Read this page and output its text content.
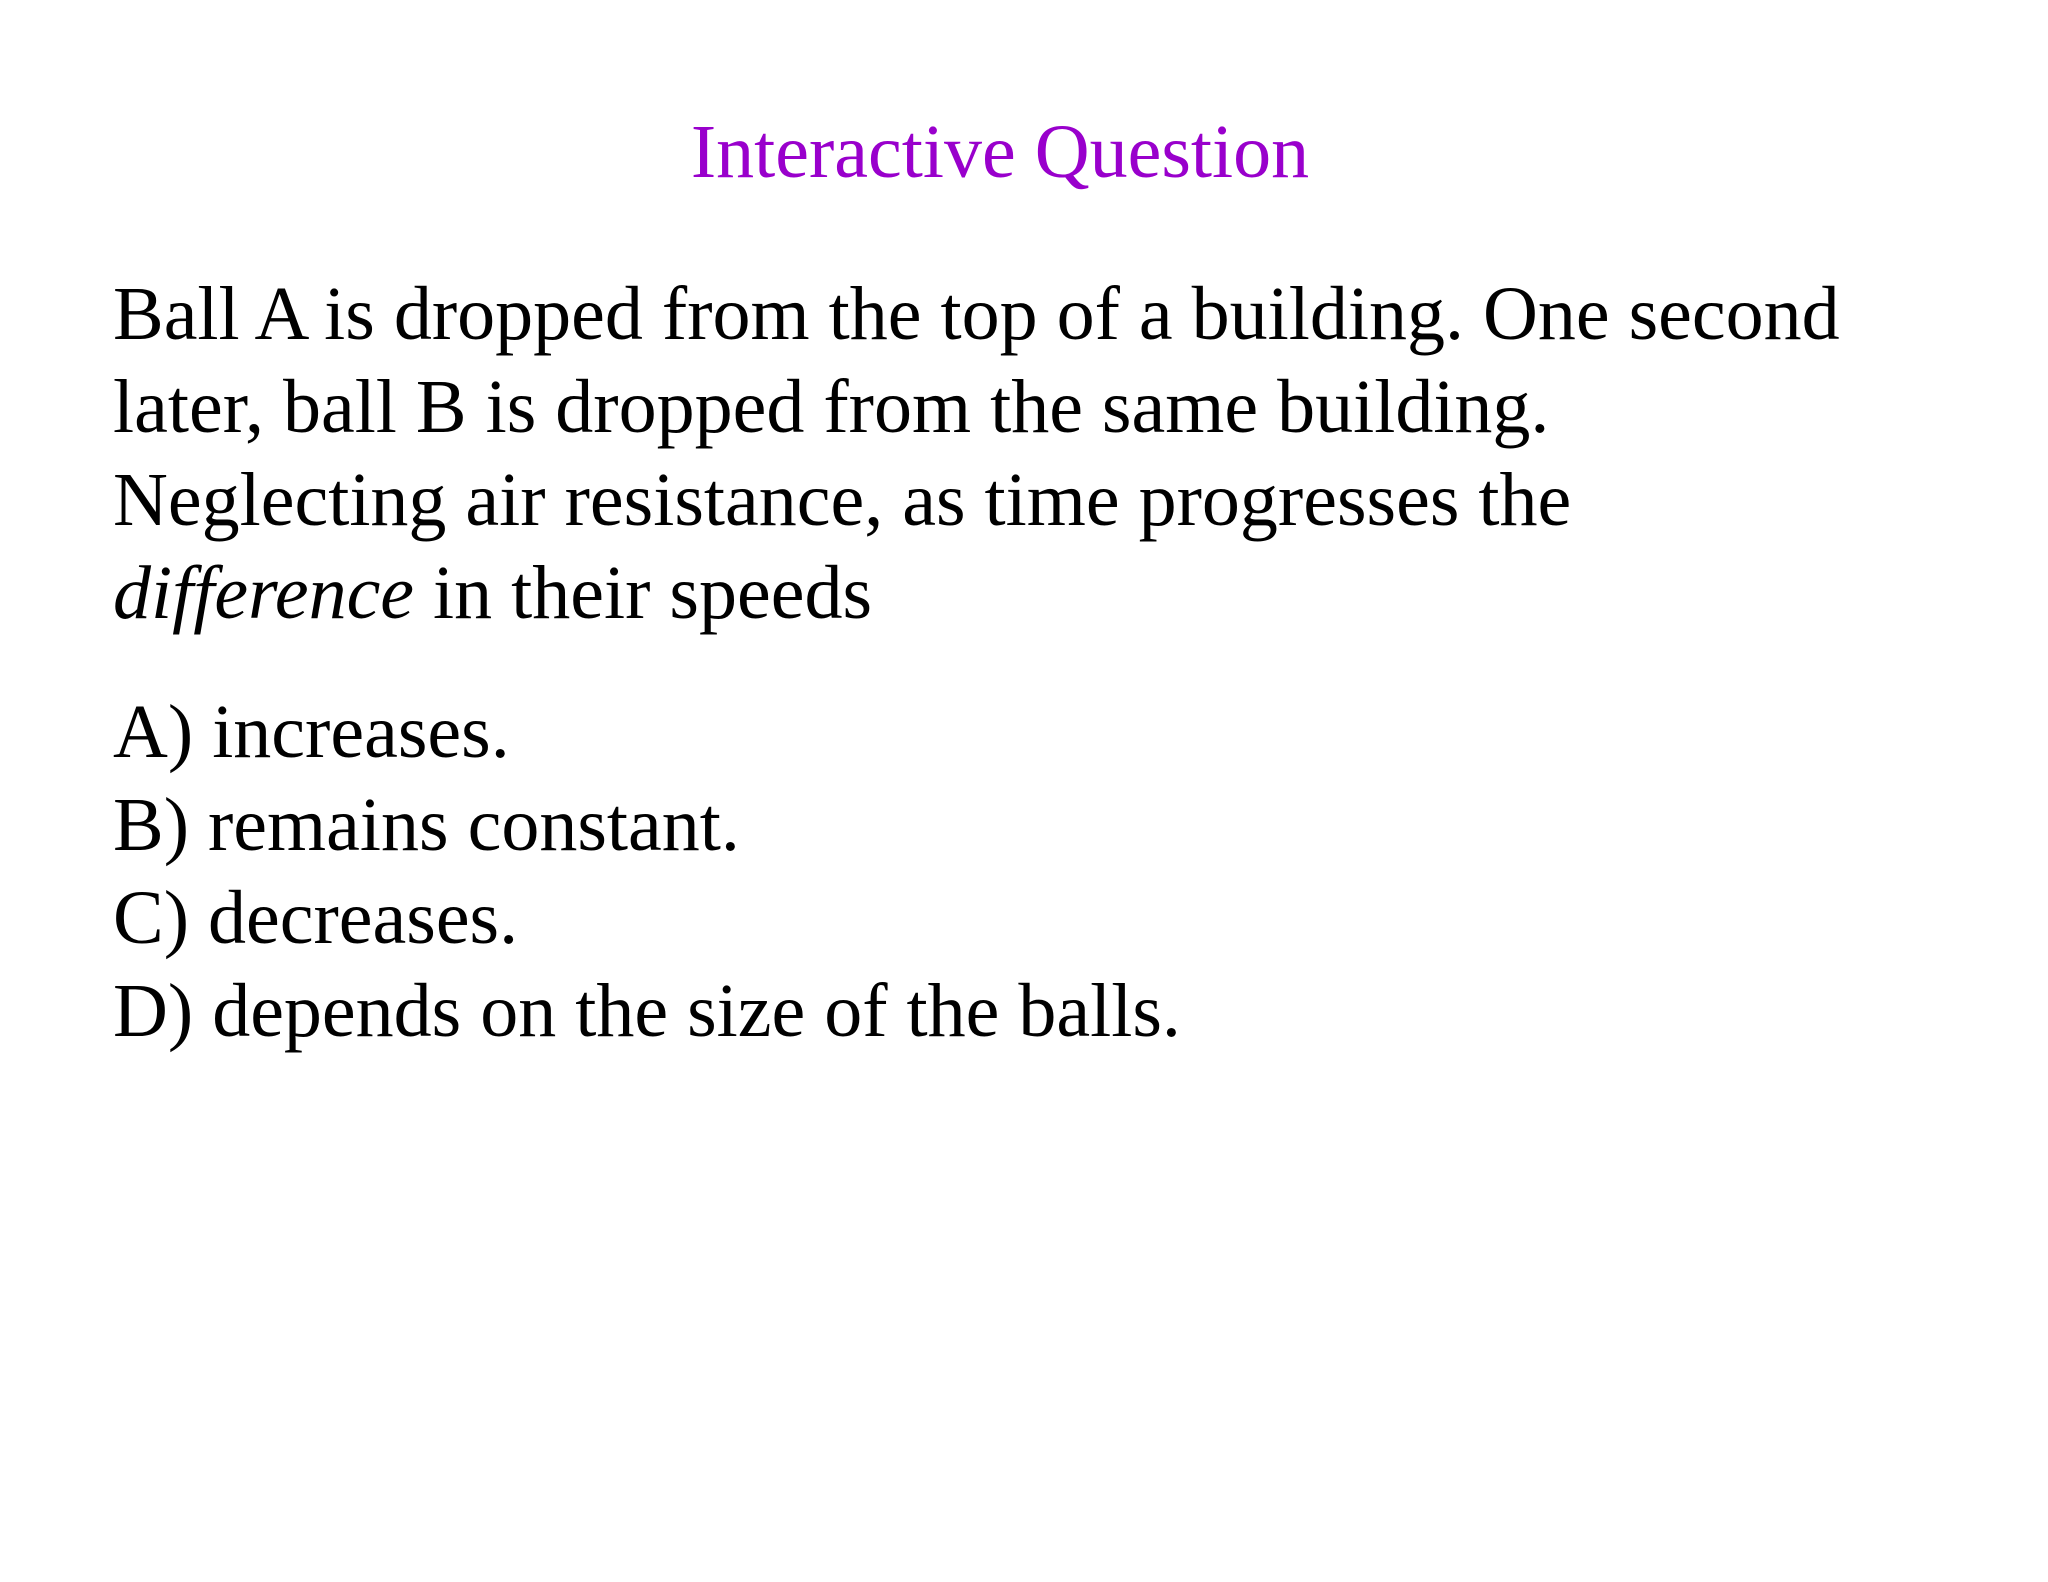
Interactive Question
Ball A is dropped from the top of a building. One second
later, ball B is dropped from the same building.
Neglecting air resistance, as time progresses the
difference in their speeds
A) increases.
B) remains constant.
C) decreases.
D) depends on the size of the balls.
